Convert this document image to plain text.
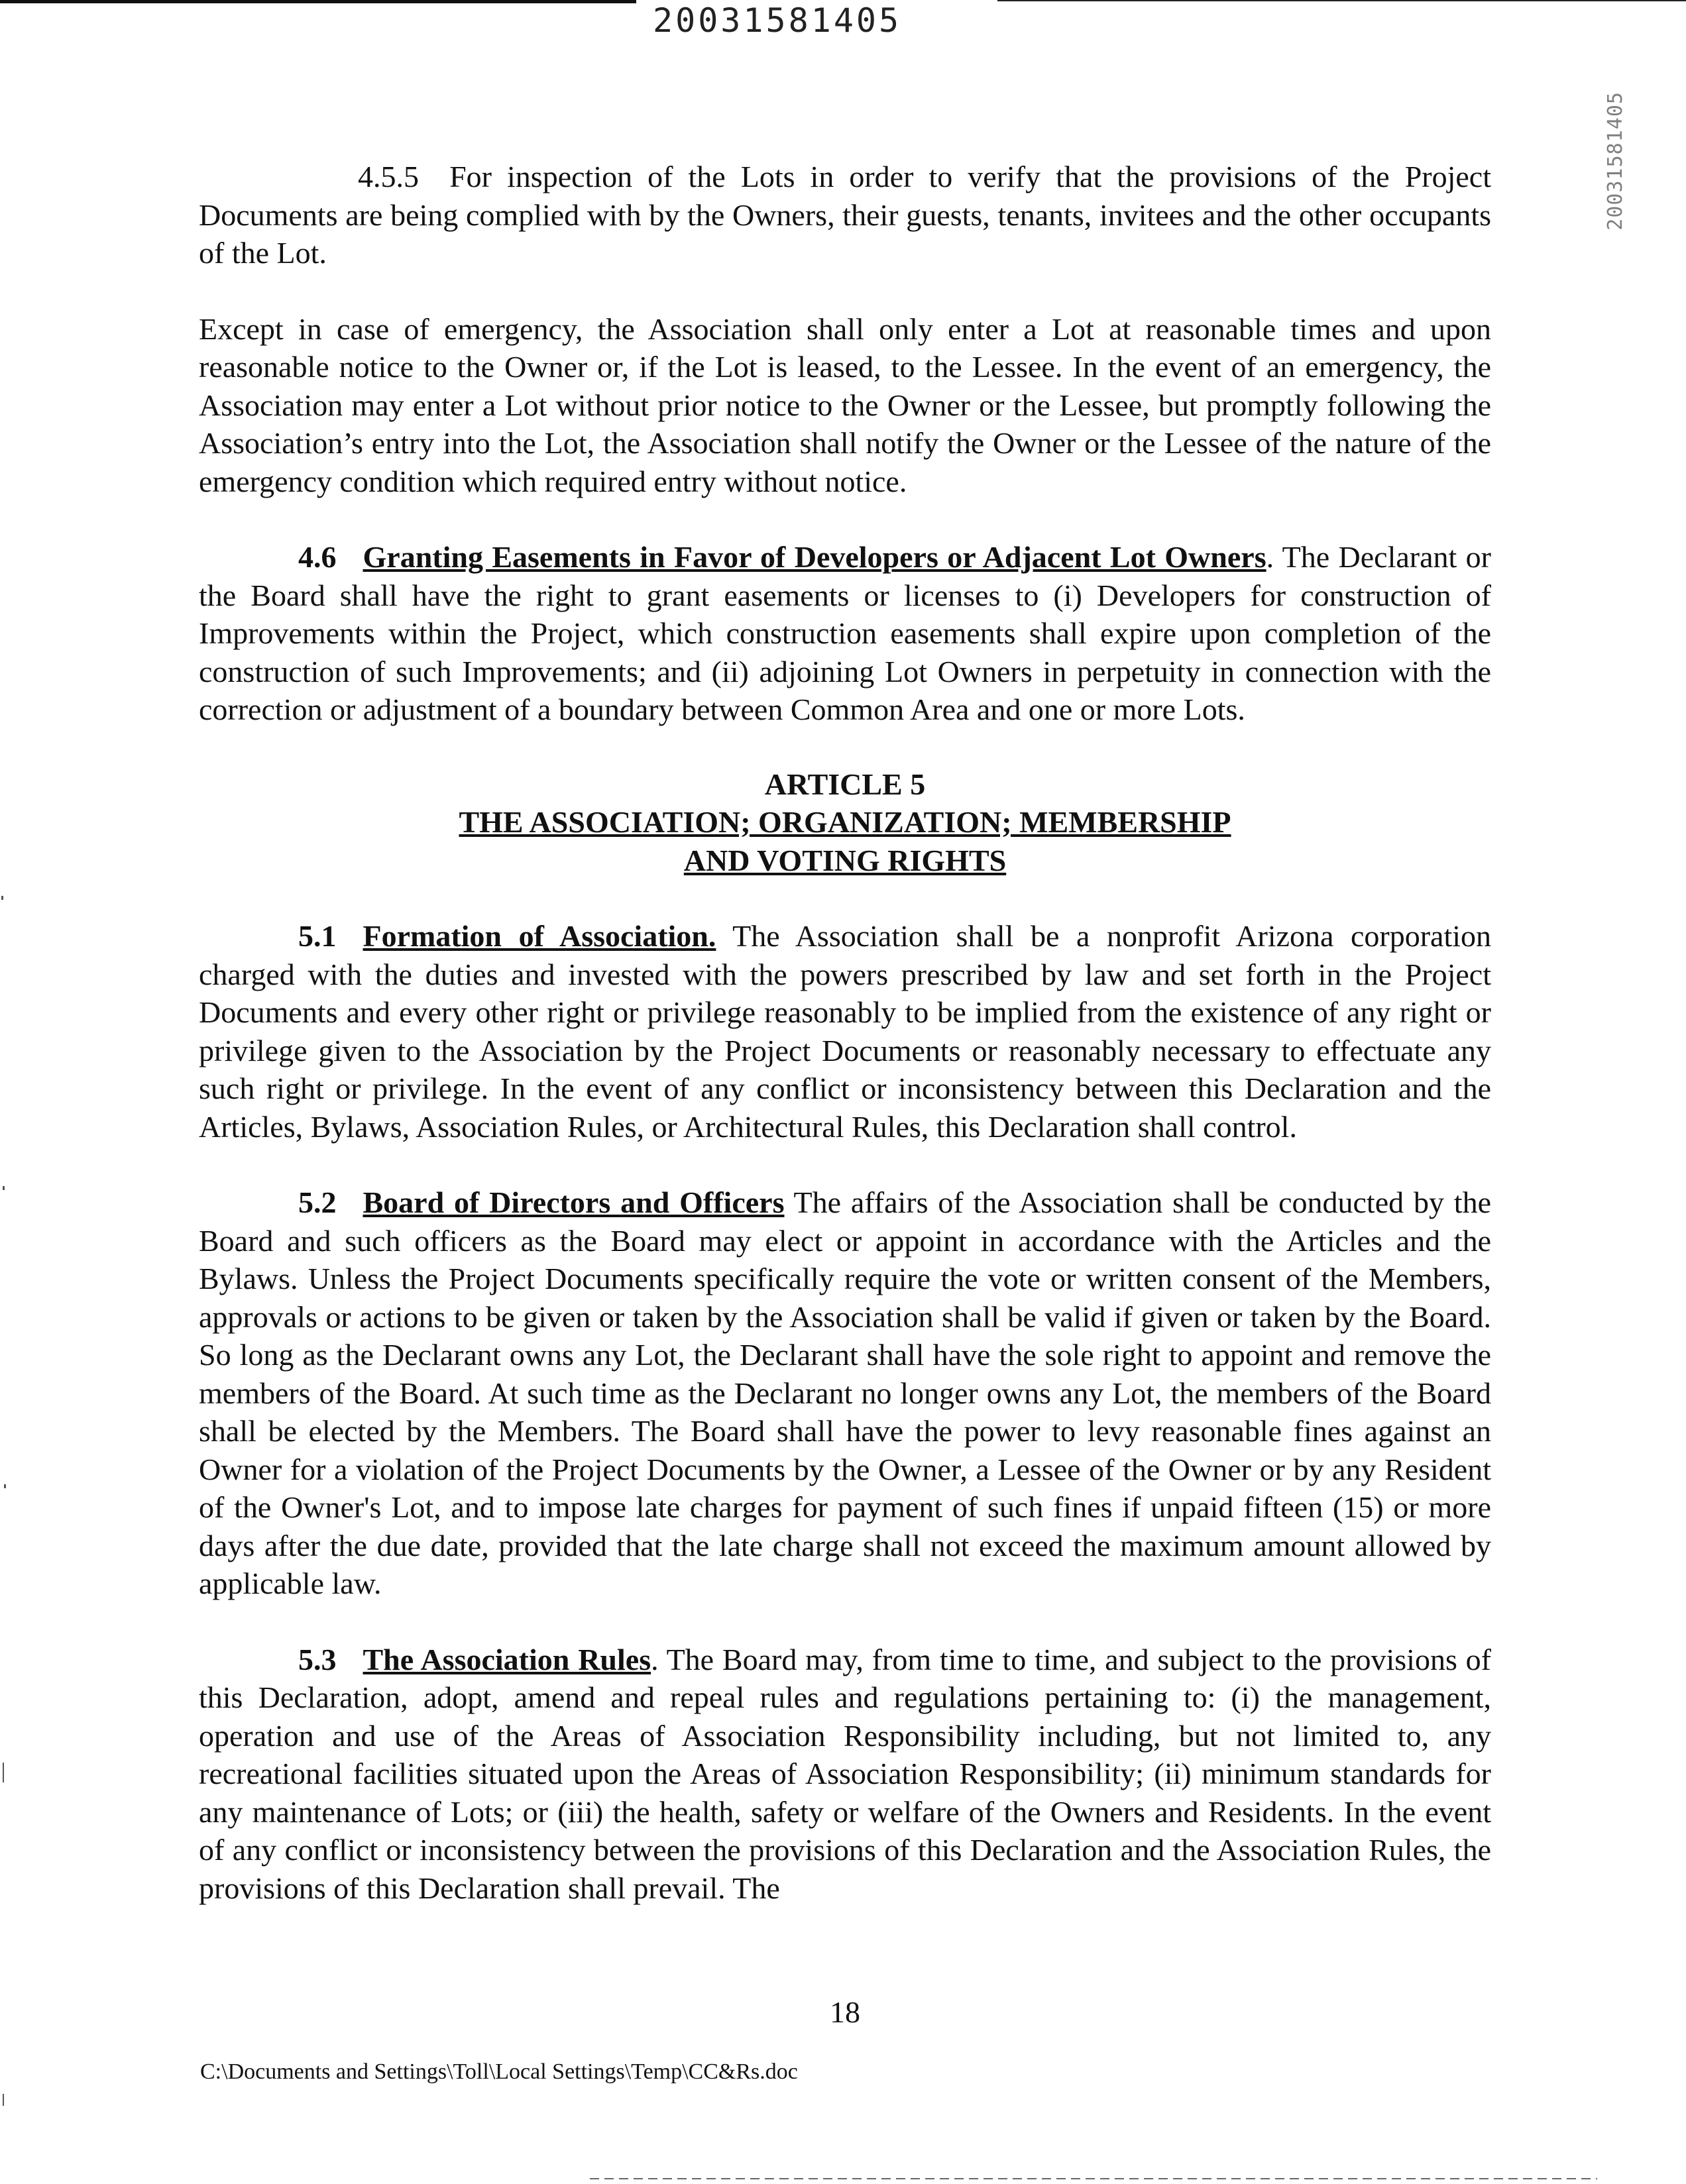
20031581405
20031581405

4.5.5 For inspection of the Lots in order to verify that the provisions of the Project Documents are being complied with by the Owners, their guests, tenants, invitees and the other occupants of the Lot.

Except in case of emergency, the Association shall only enter a Lot at reasonable times and upon reasonable notice to the Owner or, if the Lot is leased, to the Lessee. In the event of an emergency, the Association may enter a Lot without prior notice to the Owner or the Lessee, but promptly following the Association’s entry into the Lot, the Association shall notify the Owner or the Lessee of the nature of the emergency condition which required entry without notice.

4.6 Granting Easements in Favor of Developers or Adjacent Lot Owners. The Declarant or the Board shall have the right to grant easements or licenses to (i) Developers for construction of Improvements within the Project, which construction easements shall expire upon completion of the construction of such Improvements; and (ii) adjoining Lot Owners in perpetuity in connection with the correction or adjustment of a boundary between Common Area and one or more Lots.

ARTICLE 5
THE ASSOCIATION; ORGANIZATION; MEMBERSHIP
AND VOTING RIGHTS

5.1 Formation of Association. The Association shall be a nonprofit Arizona corporation charged with the duties and invested with the powers prescribed by law and set forth in the Project Documents and every other right or privilege reasonably to be implied from the existence of any right or privilege given to the Association by the Project Documents or reasonably necessary to effectuate any such right or privilege. In the event of any conflict or inconsistency between this Declaration and the Articles, Bylaws, Association Rules, or Architectural Rules, this Declaration shall control.

5.2 Board of Directors and Officers The affairs of the Association shall be conducted by the Board and such officers as the Board may elect or appoint in accordance with the Articles and the Bylaws. Unless the Project Documents specifically require the vote or written consent of the Members, approvals or actions to be given or taken by the Association shall be valid if given or taken by the Board. So long as the Declarant owns any Lot, the Declarant shall have the sole right to appoint and remove the members of the Board. At such time as the Declarant no longer owns any Lot, the members of the Board shall be elected by the Members. The Board shall have the power to levy reasonable fines against an Owner for a violation of the Project Documents by the Owner, a Lessee of the Owner or by any Resident of the Owner's Lot, and to impose late charges for payment of such fines if unpaid fifteen (15) or more days after the due date, provided that the late charge shall not exceed the maximum amount allowed by applicable law.

5.3 The Association Rules. The Board may, from time to time, and subject to the provisions of this Declaration, adopt, amend and repeal rules and regulations pertaining to: (i) the management, operation and use of the Areas of Association Responsibility including, but not limited to, any recreational facilities situated upon the Areas of Association Responsibility; (ii) minimum standards for any maintenance of Lots; or (iii) the health, safety or welfare of the Owners and Residents. In the event of any conflict or inconsistency between the provisions of this Declaration and the Association Rules, the provisions of this Declaration shall prevail. The

18
C:\Documents and Settings\Toll\Local Settings\Temp\CC&Rs.doc
